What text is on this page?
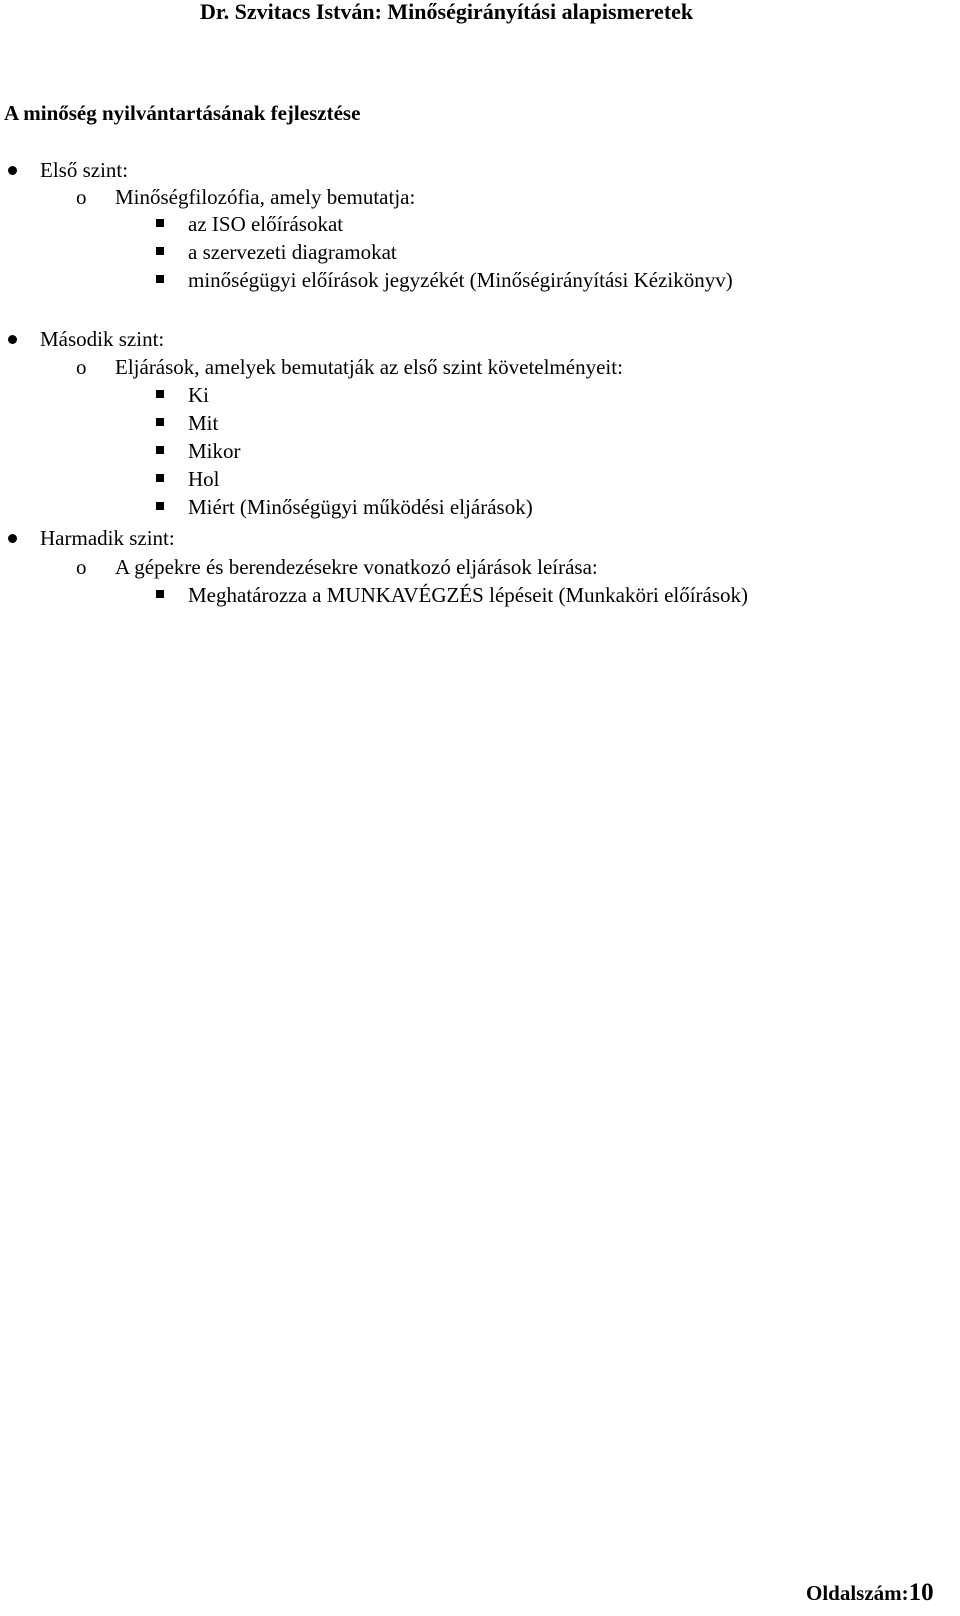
Dr. Szvitacs István: Minőségirányítási alapismeretek
A minőség nyilvántartásának fejlesztése
Első szint:
o Minőségfilozófia, amely bemutatja:
az ISO előírásokat
a szervezeti diagramokat
minőségügyi előírások jegyzékét (Minőségirányítási Kézikönyv)
Második szint:
o Eljárások, amelyek bemutatják az első szint követelményeit:
Ki
Mit
Mikor
Hol
Miért (Minőségügyi működési eljárások)
Harmadik szint:
o A gépekre és berendezésekre vonatkozó eljárások leírása:
Meghatározza a MUNKAVÉGZÉS lépéseit (Munkaköri előírások)
Oldalszám:10
